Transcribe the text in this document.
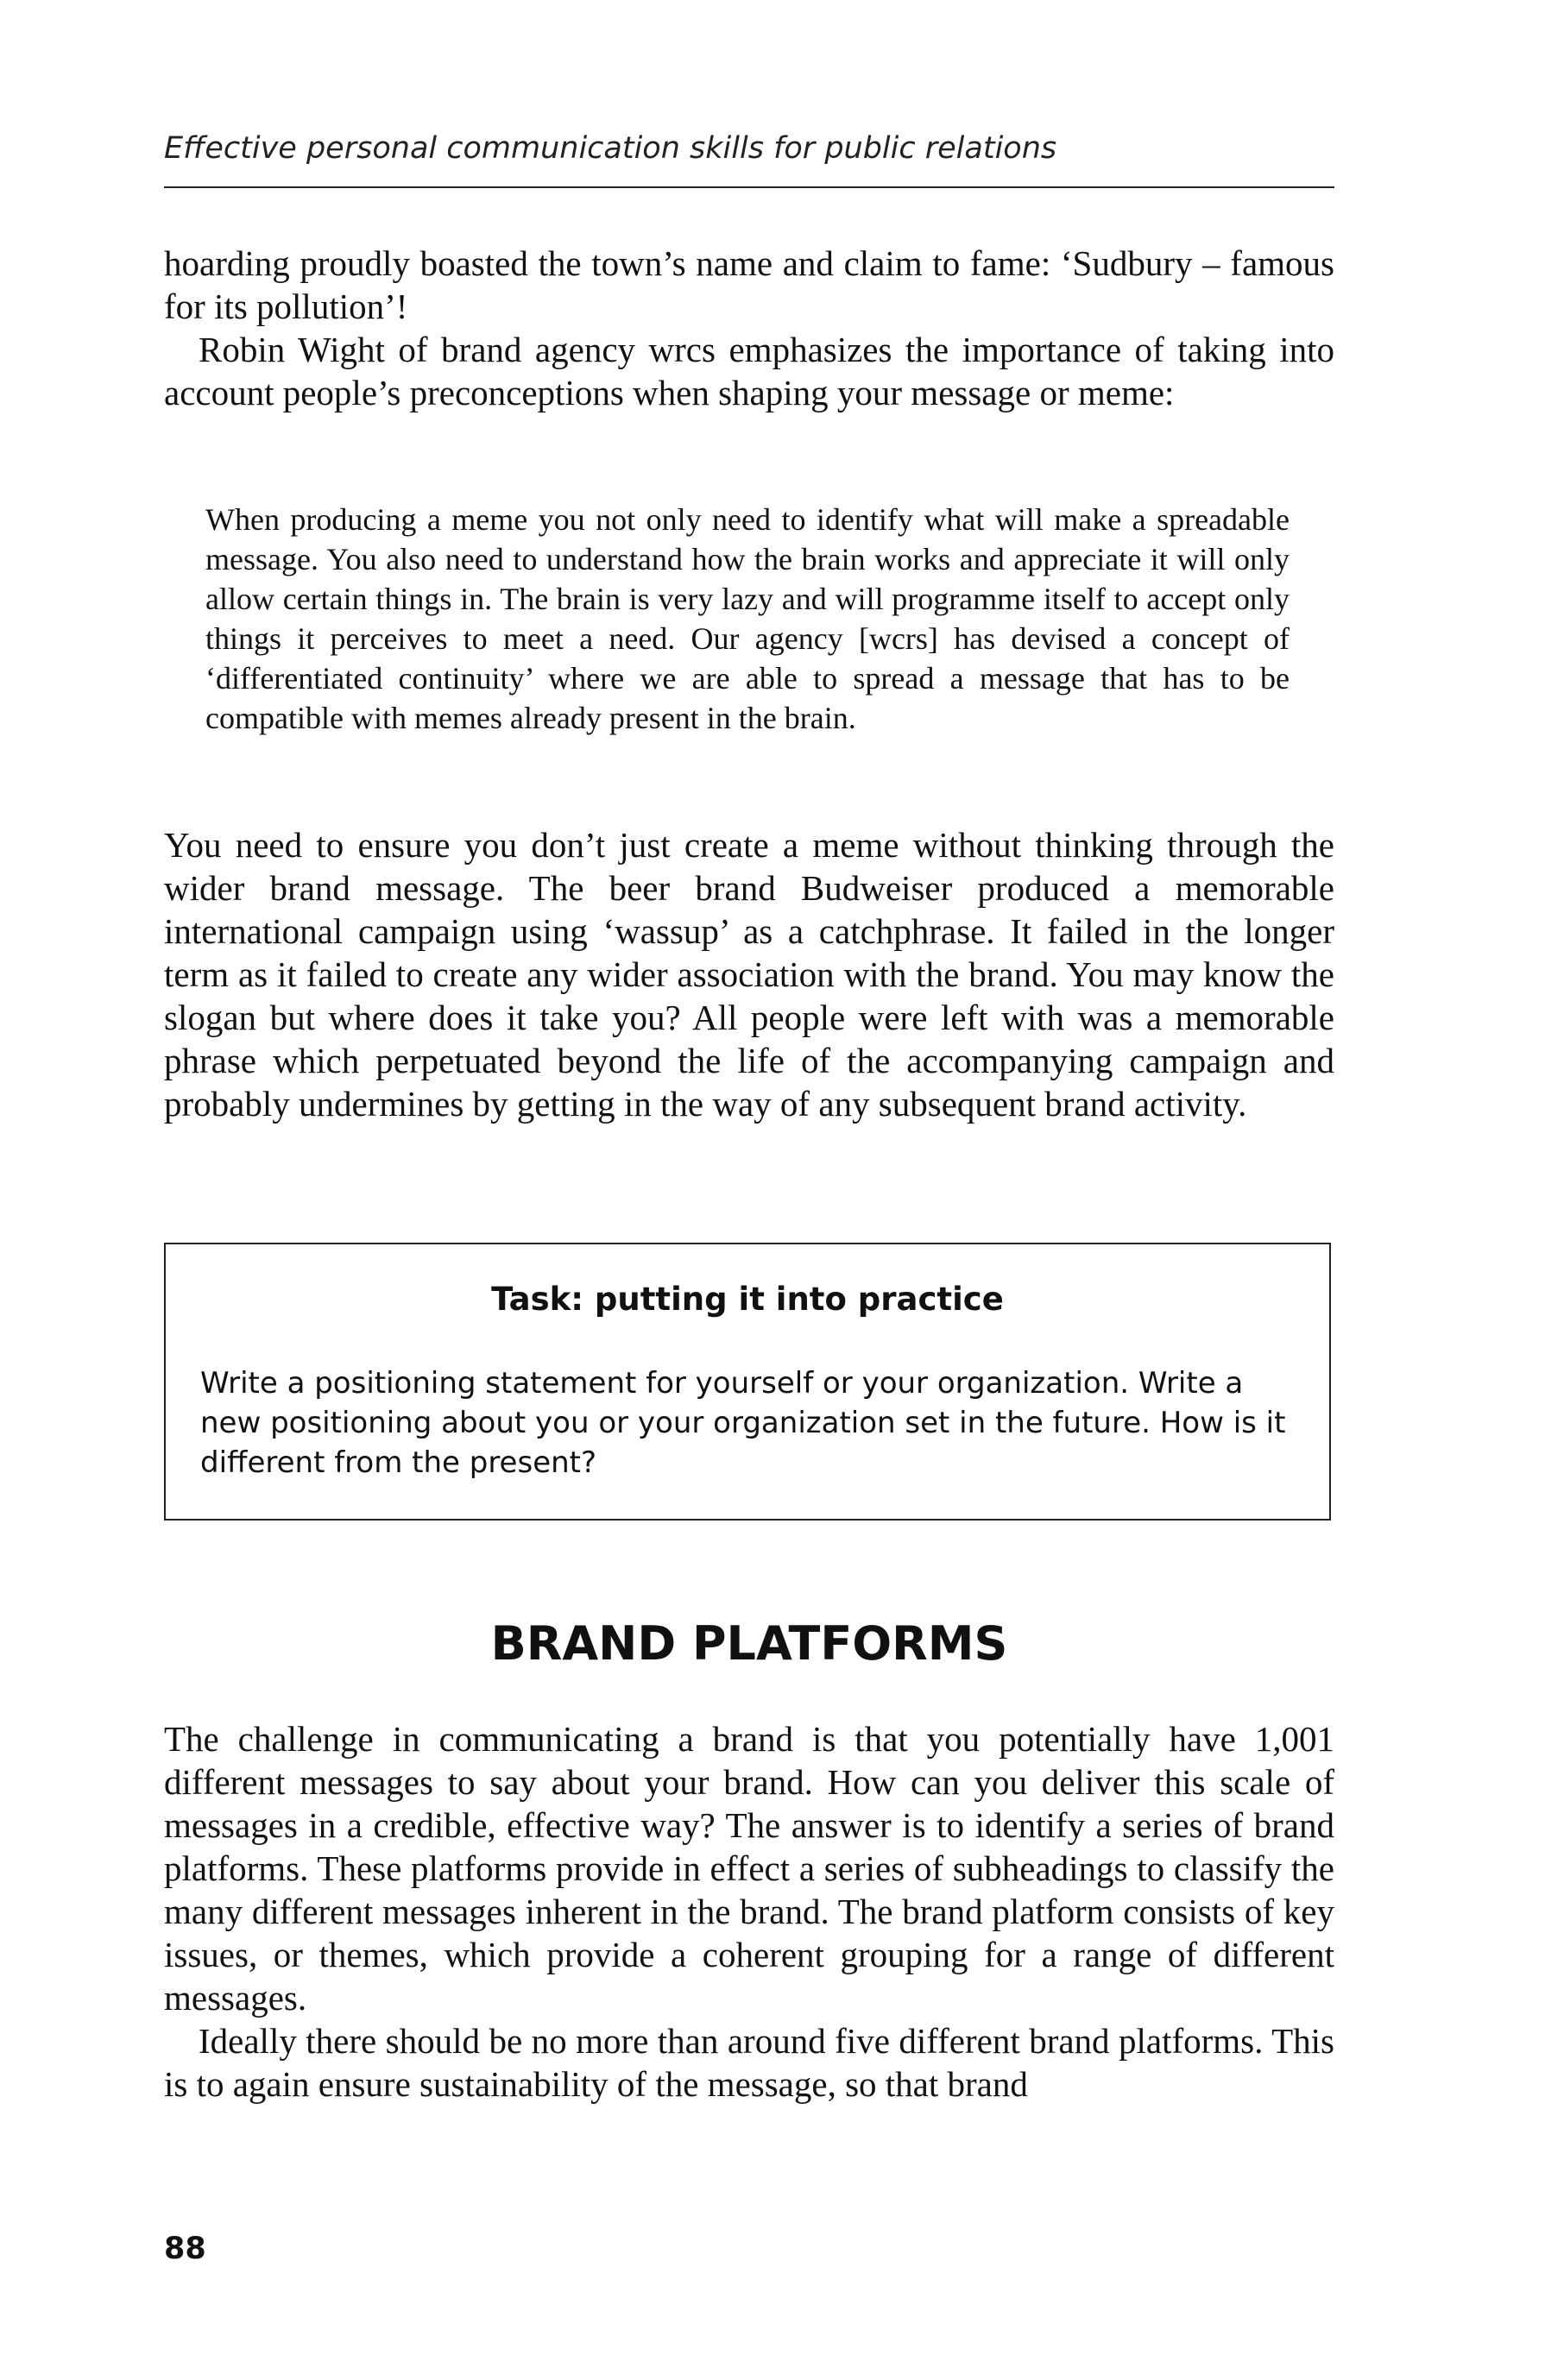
Effective personal communication skills for public relations

hoarding proudly boasted the town’s name and claim to fame: ‘Sudbury – famous for its pollution’!

Robin Wight of brand agency wrcs emphasizes the importance of taking into account people’s preconceptions when shaping your message or meme:

When producing a meme you not only need to identify what will make a spreadable message. You also need to understand how the brain works and appreciate it will only allow certain things in. The brain is very lazy and will programme itself to accept only things it perceives to meet a need. Our agency [wcrs] has devised a concept of ‘differentiated continuity’ where we are able to spread a message that has to be compatible with memes already present in the brain.

You need to ensure you don’t just create a meme without thinking through the wider brand message. The beer brand Budweiser produced a memorable international campaign using ‘wassup’ as a catchphrase. It failed in the longer term as it failed to create any wider association with the brand. You may know the slogan but where does it take you? All people were left with was a memorable phrase which perpetuated beyond the life of the accompanying campaign and probably undermines by getting in the way of any subsequent brand activity.

Task: putting it into practice

Write a positioning statement for yourself or your organization. Write a new positioning about you or your organization set in the future. How is it different from the present?

BRAND PLATFORMS

The challenge in communicating a brand is that you potentially have 1,001 different messages to say about your brand. How can you deliver this scale of messages in a credible, effective way? The answer is to identify a series of brand platforms. These platforms provide in effect a series of subheadings to classify the many different messages inherent in the brand. The brand platform consists of key issues, or themes, which provide a coherent grouping for a range of different messages.

Ideally there should be no more than around five different brand platforms. This is to again ensure sustainability of the message, so that brand

88
